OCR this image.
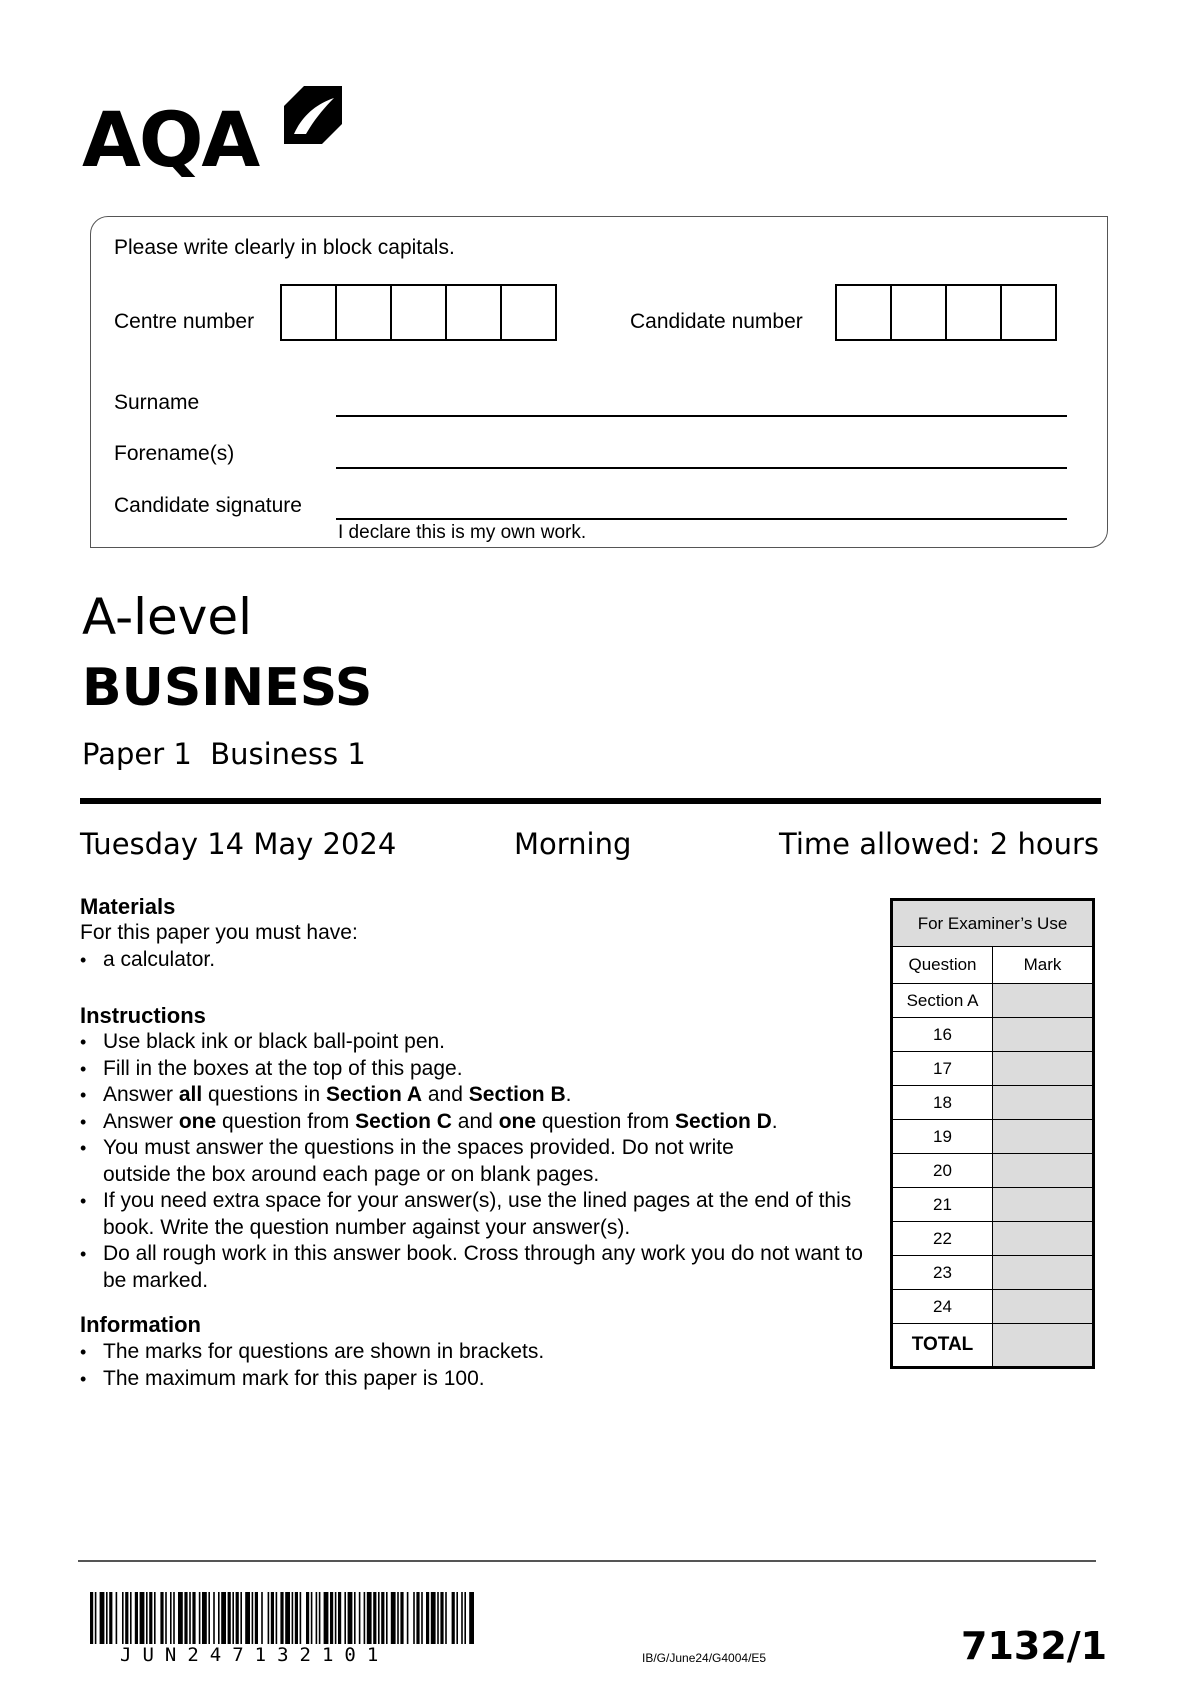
AQA
Please write clearly in block capitals.
Centre number	Candidate number
Surname
Forename(s)
Candidate signature
I declare this is my own work.
A-level
BUSINESS
Paper 1  Business 1
Tuesday 14 May 2024	Morning	Time allowed: 2 hours
Materials
For this paper you must have:
• a calculator.
Instructions
• Use black ink or black ball-point pen.
• Fill in the boxes at the top of this page.
• Answer all questions in Section A and Section B.
• Answer one question from Section C and one question from Section D.
• You must answer the questions in the spaces provided. Do not write outside the box around each page or on blank pages.
• If you need extra space for your answer(s), use the lined pages at the end of this book. Write the question number against your answer(s).
• Do all rough work in this answer book. Cross through any work you do not want to be marked.
Information
• The marks for questions are shown in brackets.
• The maximum mark for this paper is 100.
For Examiner’s Use	
Question	Mark
Section A	
16	
17	
18	
19	
20	
21	
22	
23	
24	
TOTAL	
JUN247132101	IB/G/June24/G4004/E5	7132/1
